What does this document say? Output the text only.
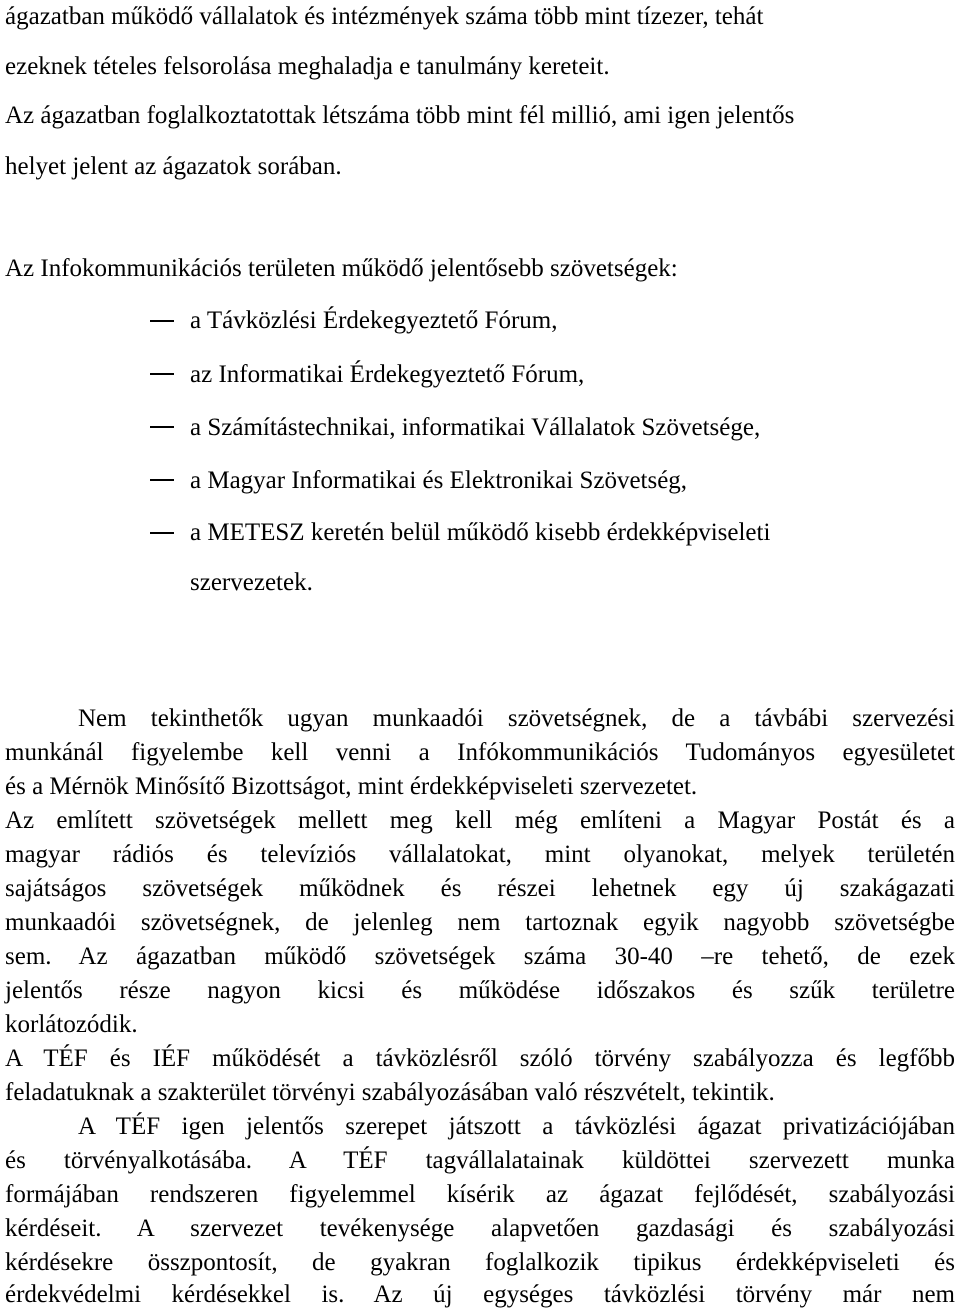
ágazatban működő vállalatok és intézmények száma több mint tízezer, tehát
ezeknek tételes felsorolása meghaladja e tanulmány kereteit.
Az ágazatban foglalkoztatottak létszáma több mint fél millió, ami igen jelentős
helyet jelent az ágazatok sorában.
Az Infokommunikációs területen működő jelentősebb szövetségek:
a Távközlési Érdekegyeztető Fórum,
az Informatikai Érdekegyeztető Fórum,
a Számítástechnikai, informatikai Vállalatok Szövetsége,
a Magyar Informatikai és Elektronikai Szövetség,
a METESZ keretén belül működő kisebb érdekképviseleti
szervezetek.
Nem tekinthetők ugyan munkaadói szövetségnek, de a távbábi szervezési
munkánál figyelembe kell venni a Infókommunikációs Tudományos egyesületet
és a Mérnök Minősítő Bizottságot, mint érdekképviseleti szervezetet.
Az említett szövetségek mellett meg kell még említeni a Magyar Postát és a
magyar rádiós és televíziós vállalatokat, mint olyanokat, melyek területén
sajátságos szövetségek működnek és részei lehetnek egy új szakágazati
munkaadói szövetségnek, de jelenleg nem tartoznak egyik nagyobb szövetségbe
sem. Az ágazatban működő szövetségek száma 30-40 –re tehető, de ezek
jelentős része nagyon kicsi és működése időszakos és szűk területre
korlátozódik.
A TÉF és IÉF működését a távközlésről szóló törvény szabályozza és legfőbb
feladatuknak a szakterület törvényi szabályozásában való részvételt, tekintik.
A TÉF igen jelentős szerepet játszott a távközlési ágazat privatizációjában
és törvényalkotásába. A TÉF tagvállalatainak küldöttei szervezett munka
formájában rendszeren figyelemmel kísérik az ágazat fejlődését, szabályozási
kérdéseit. A szervezet tevékenysége alapvetően gazdasági és szabályozási
kérdésekre összpontosít, de gyakran foglalkozik tipikus érdekképviseleti és
érdekvédelmi kérdésekkel is. Az új egységes távközlési törvény már nem
